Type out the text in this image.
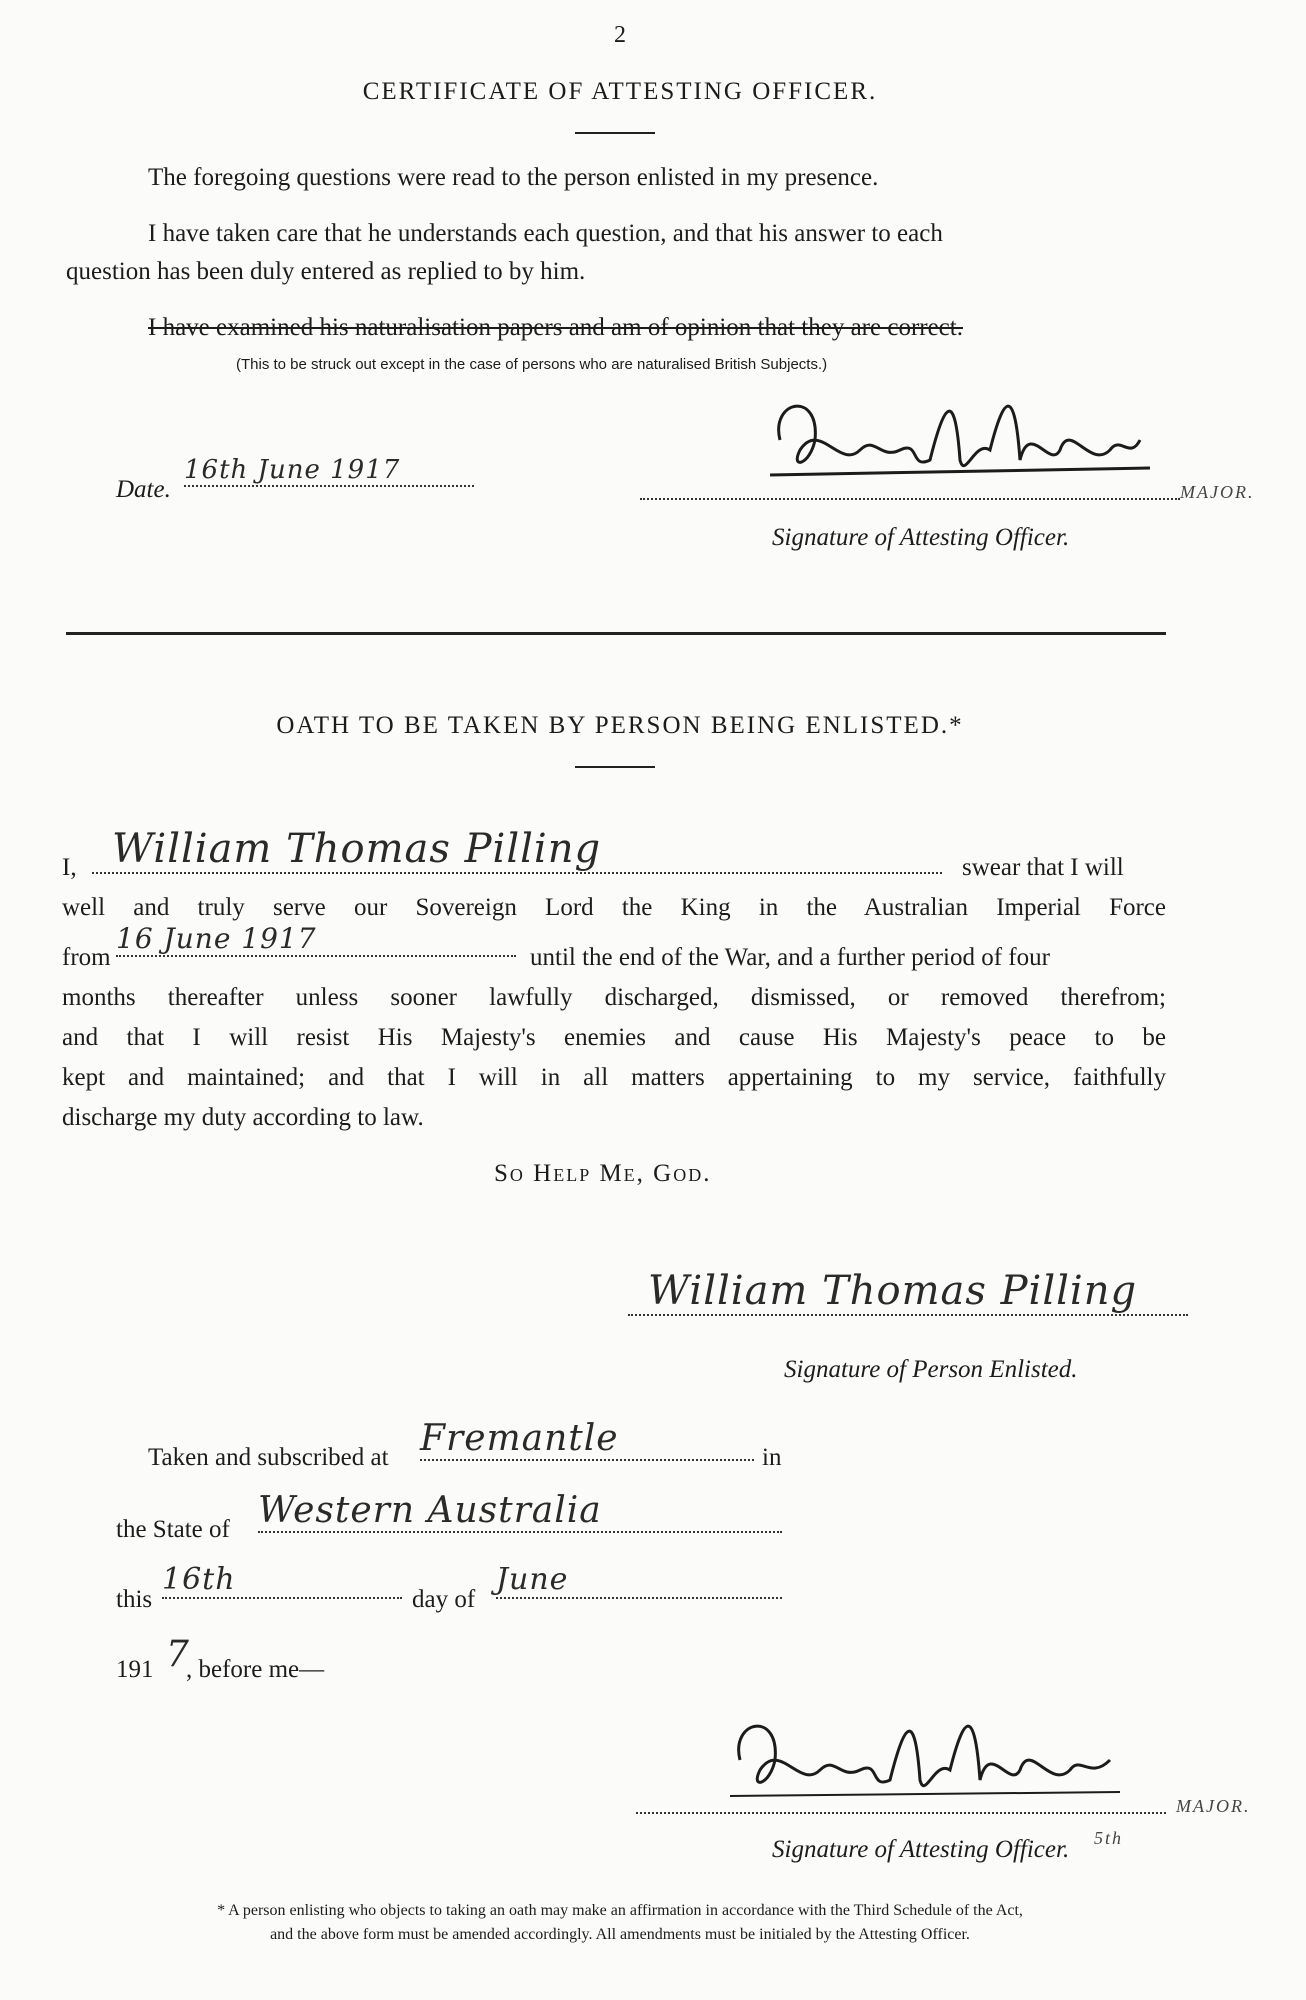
2
CERTIFICATE OF ATTESTING OFFICER.
The foregoing questions were read to the person enlisted in my presence.
I have taken care that he understands each question, and that his answer to each
question has been duly entered as replied to by him.
I have examined his naturalisation papers and am of opinion that they are correct.
(This to be struck out except in the case of persons who are naturalised British Subjects.)
Date.
16th June 1917
MAJOR.
Signature of Attesting Officer.
OATH TO BE TAKEN BY PERSON BEING ENLISTED.*
I, William Thomas Pilling	swear that I will
well and truly serve our Sovereign Lord the King in the Australian Imperial Force
from
16 June 1917
until the end of the War, and a further period of four
months thereafter unless sooner lawfully discharged, dismissed, or removed therefrom;
and that I will resist His Majesty's enemies and cause His Majesty's peace to be
kept and maintained; and that I will in all matters appertaining to my service, faithfully
discharge my duty according to law.
So Help Me, God.
William Thomas Pilling
Signature of Person Enlisted.
Taken and subscribed at Fremantle	in
the State of Western Australia
this
16th
day of
June
191 7
, before me—
MAJOR.
Signature of Attesting Officer. 5th
* A person enlisting who objects to taking an oath may make an affirmation in accordance with the Third Schedule of the Act,
and the above form must be amended accordingly. All amendments must be initialed by the Attesting Officer.
